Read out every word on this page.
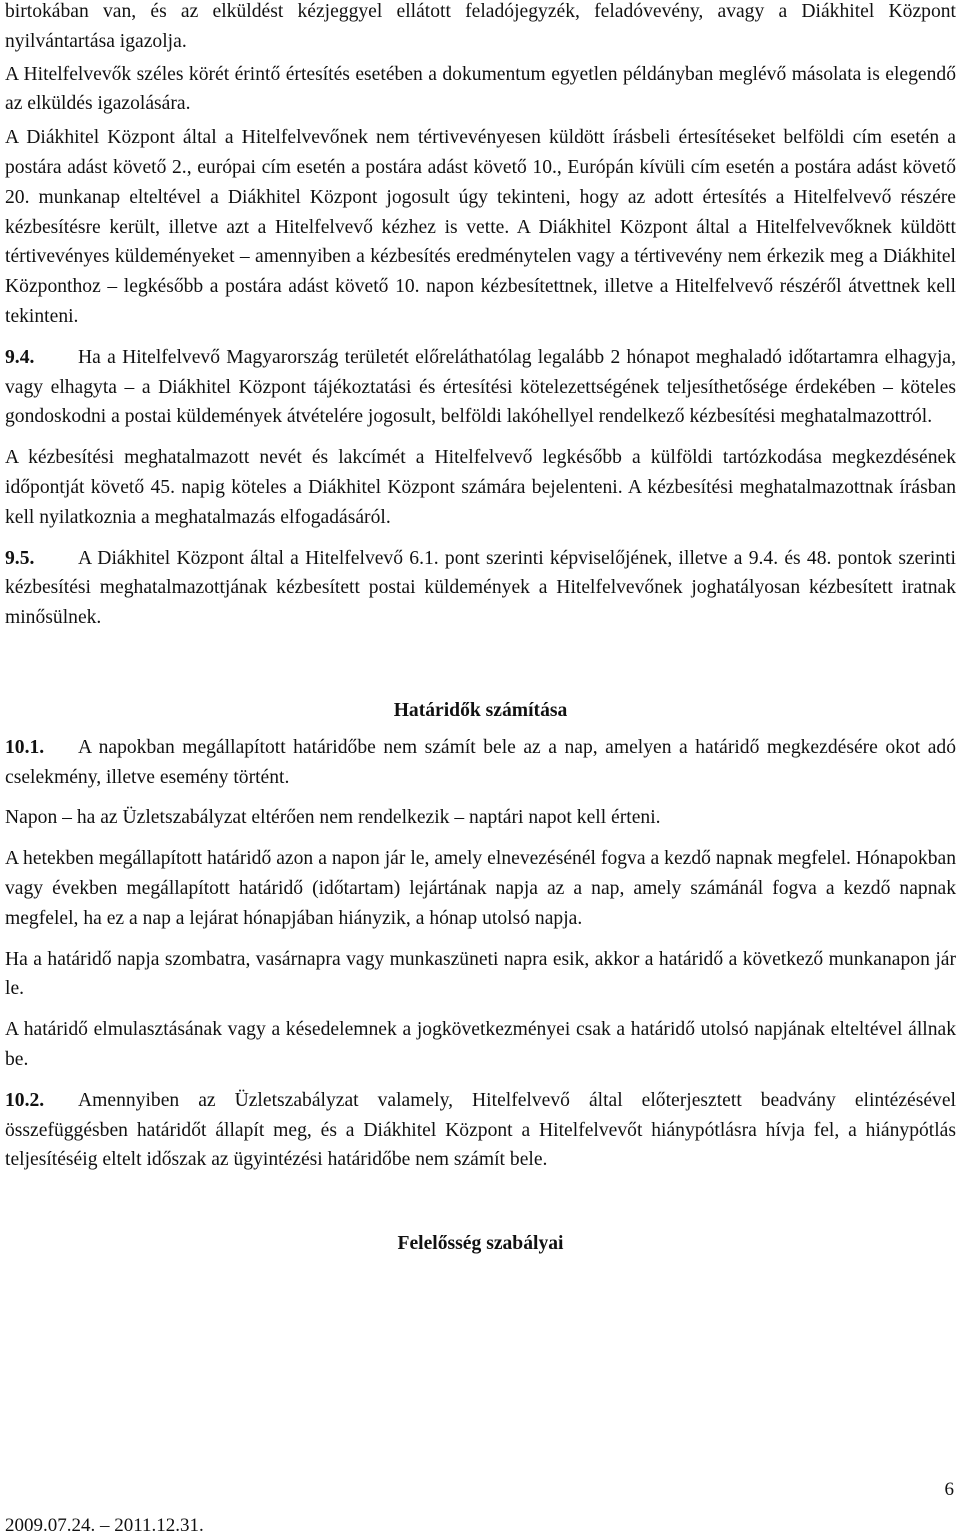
birtokában van, és az elküldést kézjeggyel ellátott feladójegyzék, feladóvevény, avagy a Diákhitel Központ nyilvántartása igazolja.

A Hitelfelvevők széles körét érintő értesítés esetében a dokumentum egyetlen példányban meglévő másolata is elegendő az elküldés igazolására.

A Diákhitel Központ által a Hitelfelvevőnek nem tértivevényesen küldött írásbeli értesítéseket belföldi cím esetén a postára adást követő 2., európai cím esetén a postára adást követő 10., Európán kívüli cím esetén a postára adást követő 20. munkanap elteltével a Diákhitel Központ jogosult úgy tekinteni, hogy az adott értesítés a Hitelfelvevő részére kézbesítésre került, illetve azt a Hitelfelvevő kézhez is vette. A Diákhitel Központ által a Hitelfelvevőknek küldött tértivevényes küldeményeket – amennyiben a kézbesítés eredménytelen vagy a tértivevény nem érkezik meg a Diákhitel Központhoz – legkésőbb a postára adást követő 10. napon kézbesítettnek, illetve a Hitelfelvevő részéről átvettnek kell tekinteni.

9.4. Ha a Hitelfelvevő Magyarország területét előreláthatólag legalább 2 hónapot meghaladó időtartamra elhagyja, vagy elhagyta – a Diákhitel Központ tájékoztatási és értesítési kötelezettségének teljesíthetősége érdekében – köteles gondoskodni a postai küldemények átvételére jogosult, belföldi lakóhellyel rendelkező kézbesítési meghatalmazottról.

A kézbesítési meghatalmazott nevét és lakcímét a Hitelfelvevő legkésőbb a külföldi tartózkodása megkezdésének időpontját követő 45. napig köteles a Diákhitel Központ számára bejelenteni. A kézbesítési meghatalmazottnak írásban kell nyilatkoznia a meghatalmazás elfogadásáról.

9.5. A Diákhitel Központ által a Hitelfelvevő 6.1. pont szerinti képviselőjének, illetve a 9.4. és 48. pontok szerinti kézbesítési meghatalmazottjának kézbesített postai küldemények a Hitelfelvevőnek joghatályosan kézbesített iratnak minősülnek.

Határidők számítása

10.1. A napokban megállapított határidőbe nem számít bele az a nap, amelyen a határidő megkezdésére okot adó cselekmény, illetve esemény történt.

Napon – ha az Üzletszabályzat eltérően nem rendelkezik – naptári napot kell érteni.

A hetekben megállapított határidő azon a napon jár le, amely elnevezésénél fogva a kezdő napnak megfelel. Hónapokban vagy években megállapított határidő (időtartam) lejártának napja az a nap, amely számánál fogva a kezdő napnak megfelel, ha ez a nap a lejárat hónapjában hiányzik, a hónap utolsó napja.

Ha a határidő napja szombatra, vasárnapra vagy munkaszüneti napra esik, akkor a határidő a következő munkanapon jár le.

A határidő elmulasztásának vagy a késedelemnek a jogkövetkezményei csak a határidő utolsó napjának elteltével állnak be.

10.2. Amennyiben az Üzletszabályzat valamely, Hitelfelvevő által előterjesztett beadvány elintézésével összefüggésben határidőt állapít meg, és a Diákhitel Központ a Hitelfelvevőt hiánypótlásra hívja fel, a hiánypótlás teljesítéséig eltelt időszak az ügyintézési határidőbe nem számít bele.

Felelősség szabályai
6
2009.07.24. – 2011.12.31.
